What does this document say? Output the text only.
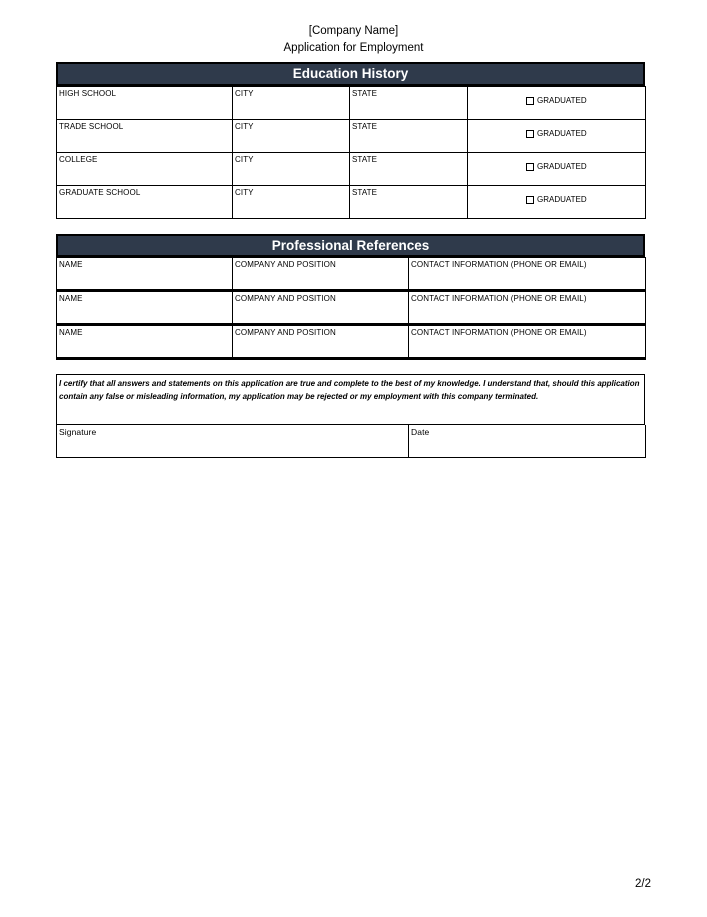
[Company Name]
Application for Employment
Education History
HIGH SCHOOL	CITY	STATE	GRADUATED

TRADE SCHOOL	CITY	STATE	GRADUATED

COLLEGE	CITY	STATE	GRADUATED

GRADUATE SCHOOL	CITY	STATE	GRADUATED
Professional References
NAME	COMPANY AND POSITION	CONTACT INFORMATION (PHONE OR EMAIL)

NAME	COMPANY AND POSITION	CONTACT INFORMATION (PHONE OR EMAIL)

NAME	COMPANY AND POSITION	CONTACT INFORMATION (PHONE OR EMAIL)
I certify that all answers and statements on this application are true and complete to the best of my knowledge. I understand that, should this application contain any false or misleading information, my application may be rejected or my employment with this company terminated.
Signature	Date
2/2
